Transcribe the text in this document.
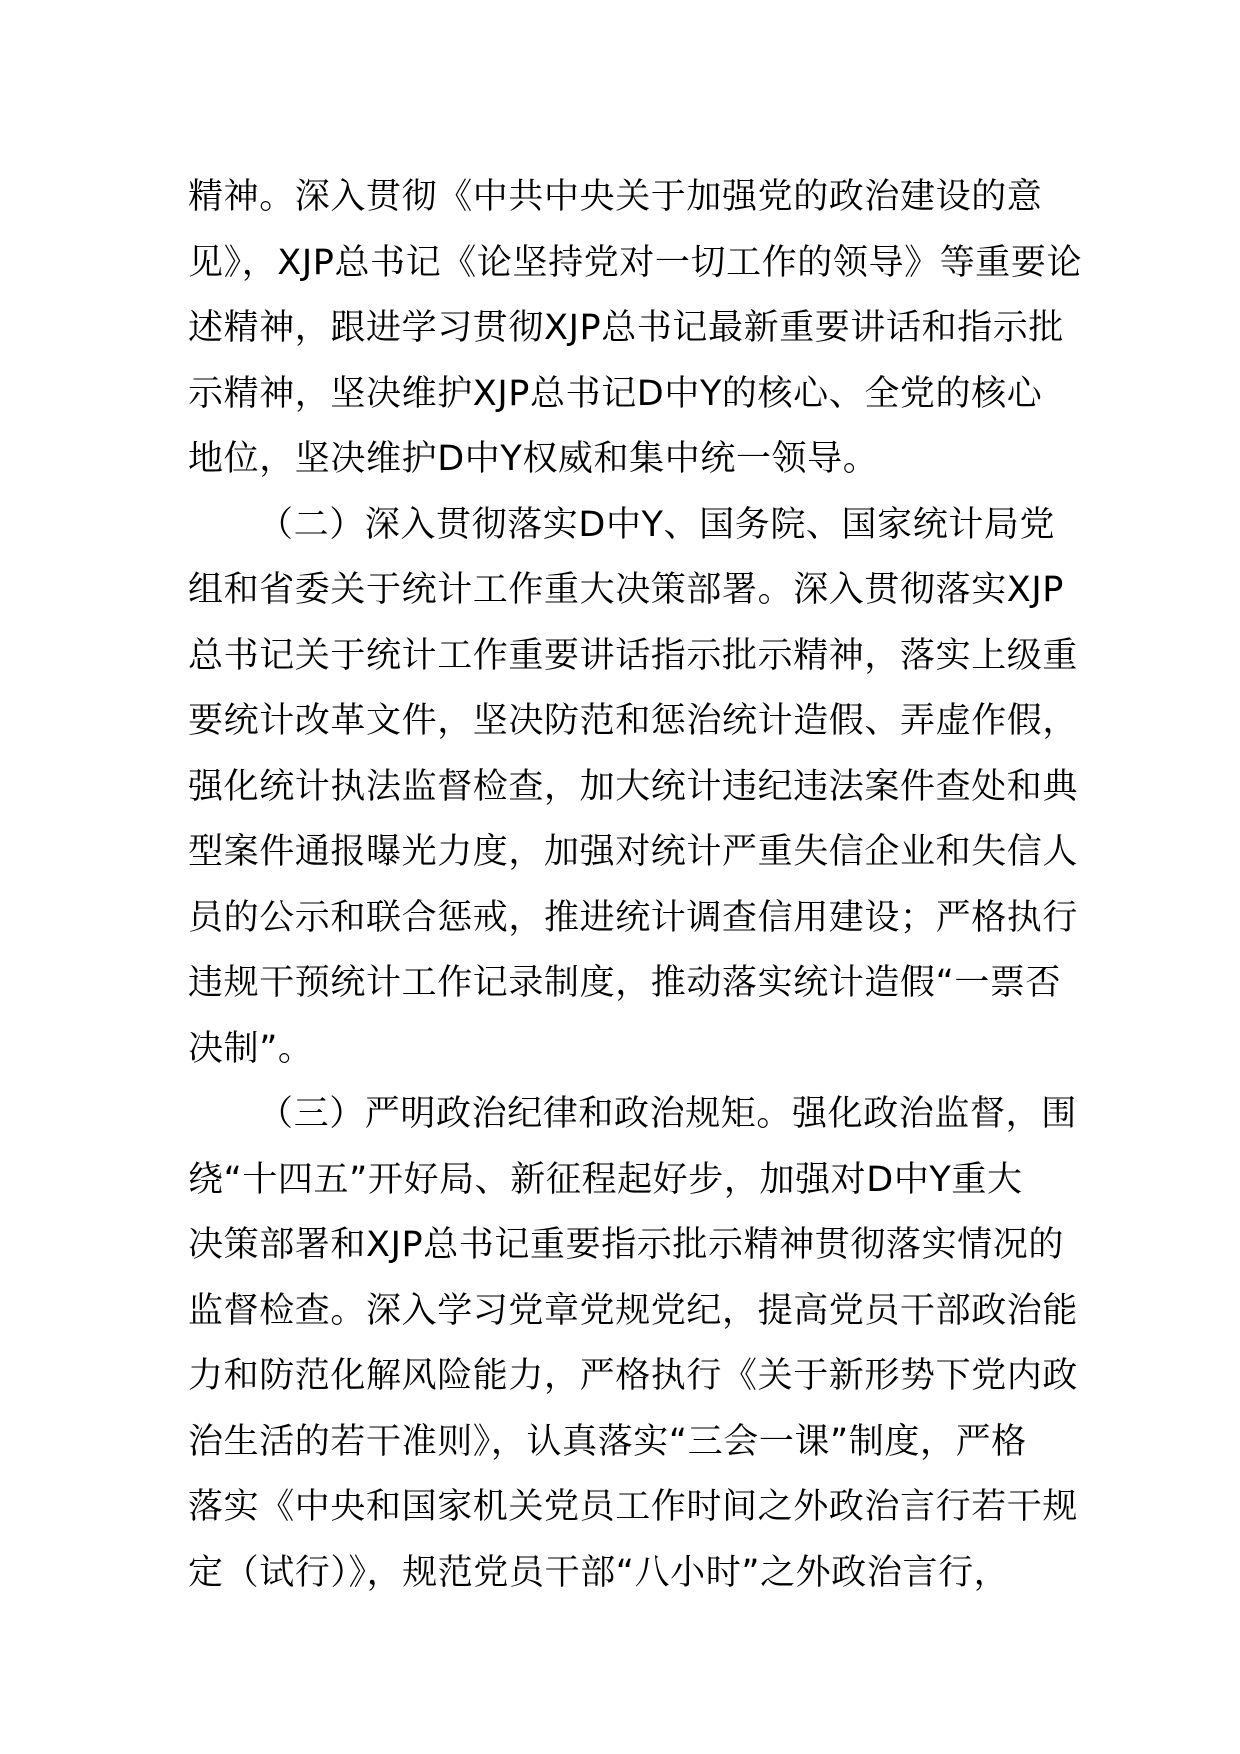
精神。深入贯彻《中共中央关于加强党的政治建设的意
见》，XJP总书记《论坚持党对一切工作的领导》等重要论
述精神，跟进学习贯彻XJP总书记最新重要讲话和指示批
示精神，坚决维护XJP总书记D中Y的核心、全党的核心
地位，坚决维护D中Y权威和集中统一领导。

（二）深入贯彻落实D中Y、国务院、国家统计局党
组和省委关于统计工作重大决策部署。深入贯彻落实XJP
总书记关于统计工作重要讲话指示批示精神，落实上级重
要统计改革文件，坚决防范和惩治统计造假、弄虚作假，
强化统计执法监督检查，加大统计违纪违法案件查处和典
型案件通报曝光力度，加强对统计严重失信企业和失信人
员的公示和联合惩戒，推进统计调查信用建设；严格执行
违规干预统计工作记录制度，推动落实统计造假“一票否
决制”。

（三）严明政治纪律和政治规矩。强化政治监督，围
绕“十四五”开好局、新征程起好步，加强对D中Y重大
决策部署和XJP总书记重要指示批示精神贯彻落实情况的
监督检查。深入学习党章党规党纪，提高党员干部政治能
力和防范化解风险能力，严格执行《关于新形势下党内政
治生活的若干准则》，认真落实“三会一课”制度，严格
落实《中央和国家机关党员工作时间之外政治言行若干规
定（试行）》，规范党员干部“八小时”之外政治言行，
